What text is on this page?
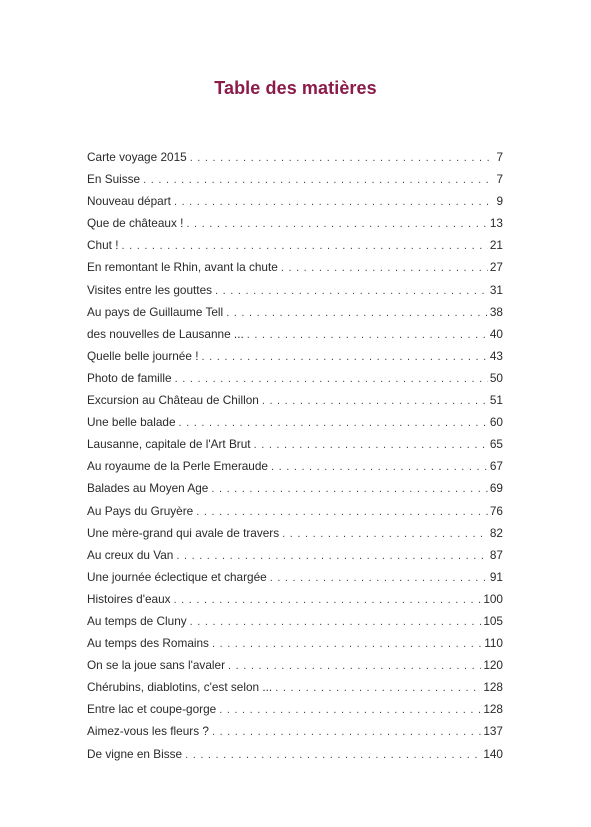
Table des matières
Carte voyage 2015 . . .	7
En Suisse . . .	7
Nouveau départ . . .	9
Que de châteaux ! . . .	13
Chut ! . . .	21
En remontant le Rhin, avant la chute . . .	27
Visites entre les gouttes . . .	31
Au pays de Guillaume Tell . . .	38
des nouvelles de Lausanne ... . . .	40
Quelle belle journée ! . . .	43
Photo de famille . . .	50
Excursion au Château de Chillon . . .	51
Une belle balade . . .	60
Lausanne, capitale de l'Art Brut . . .	65
Au royaume de la Perle Emeraude . . .	67
Balades au Moyen Age . . .	69
Au Pays du Gruyère . . .	76
Une mère-grand qui avale de travers . . .	82
Au creux du Van . . .	87
Une journée éclectique et chargée . . .	91
Histoires d'eaux . . .	100
Au temps de Cluny . . .	105
Au temps des Romains . . .	110
On se la joue sans l'avaler . . .	120
Chérubins, diablotins, c'est selon ... . . .	128
Entre lac et coupe-gorge . . .	128
Aimez-vous les fleurs ? . . .	137
De vigne en Bisse . . .	140
